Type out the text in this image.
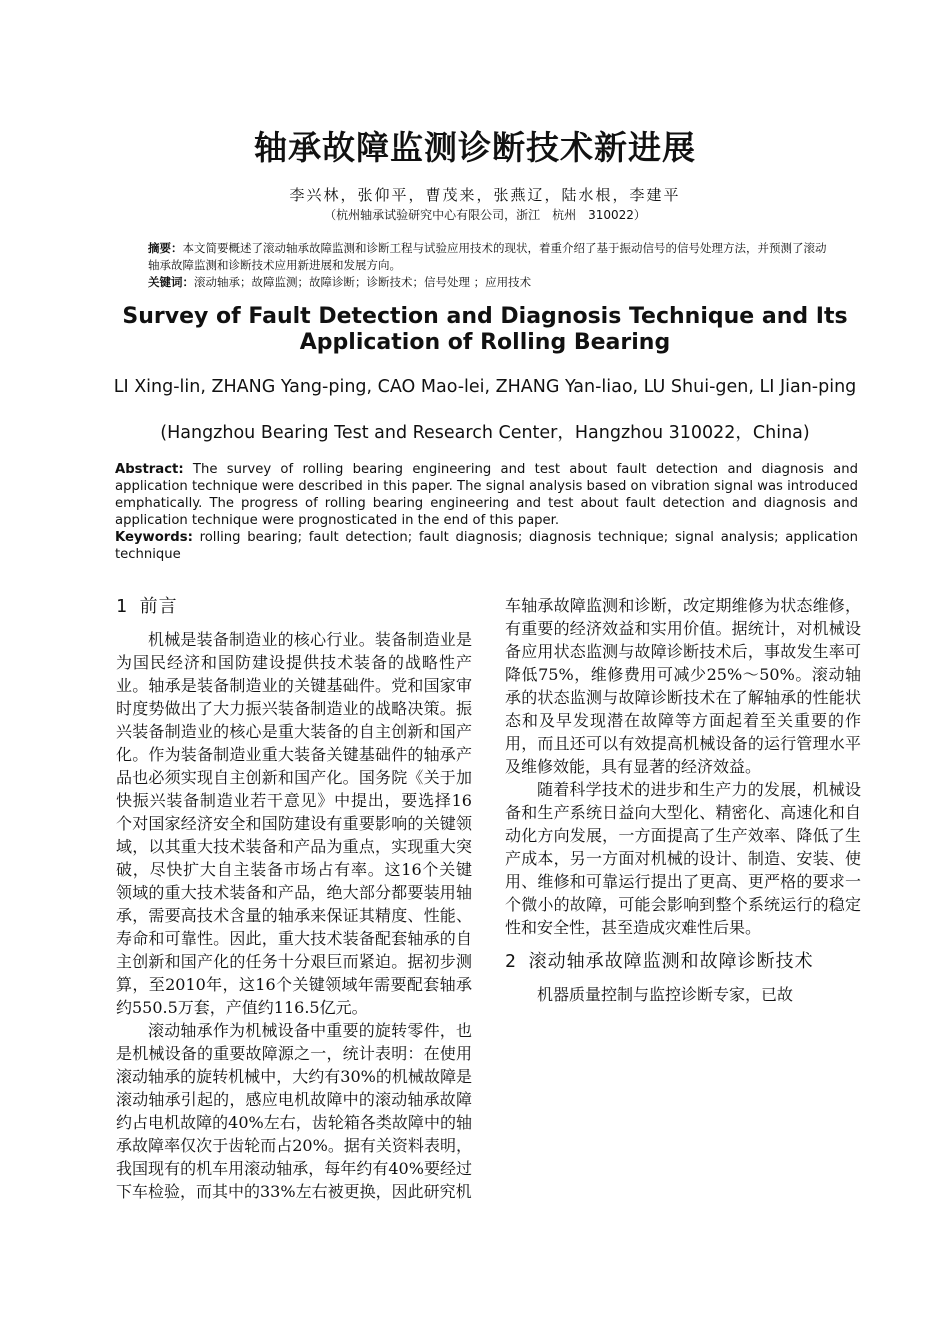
轴承故障监测诊断技术新进展
李兴林，张仰平，曹茂来，张燕辽，陆水根，李建平
（杭州轴承试验研究中心有限公司，浙江　杭州　310022）
摘要：本文简要概述了滚动轴承故障监测和诊断工程与试验应用技术的现状，着重介绍了基于振动信号的信号处理方法，并预测了滚动轴承故障监测和诊断技术应用新进展和发展方向。
关键词：滚动轴承；故障监测；故障诊断；诊断技术；信号处理 ；应用技术
Survey of Fault Detection and Diagnosis Technique and Its Application of Rolling Bearing
LI Xing-lin, ZHANG Yang-ping, CAO Mao-lei, ZHANG Yan-liao, LU Shui-gen, LI Jian-ping
(Hangzhou Bearing Test and Research Center，Hangzhou 310022，China)
Abstract: The survey of rolling bearing engineering and test about fault detection and diagnosis and application technique were described in this paper. The signal analysis based on vibration signal was introduced emphatically. The progress of rolling bearing engineering and test about fault detection and diagnosis and application technique were prognosticated in the end of this paper.
Keywords: rolling bearing; fault detection; fault diagnosis; diagnosis technique; signal analysis; application technique
1 前言

机械是装备制造业的核心行业。装备制造业是为国民经济和国防建设提供技术装备的战略性产业。轴承是装备制造业的关键基础件。党和国家审时度势做出了大力振兴装备制造业的战略决策。振兴装备制造业的核心是重大装备的自主创新和国产化。作为装备制造业重大装备关键基础件的轴承产品也必须实现自主创新和国产化。国务院《关于加快振兴装备制造业若干意见》中提出，要选择16个对国家经济安全和国防建设有重要影响的关键领域，以其重大技术装备和产品为重点，实现重大突破，尽快扩大自主装备市场占有率。这16个关键领域的重大技术装备和产品，绝大部分都要装用轴承，需要高技术含量的轴承来保证其精度、性能、寿命和可靠性。因此，重大技术装备配套轴承的自主创新和国产化的任务十分艰巨而紧迫。据初步测算，至2010年，这16个关键领域年需要配套轴承约550.5万套，产值约116.5亿元。

滚动轴承作为机械设备中重要的旋转零件，也是机械设备的重要故障源之一，统计表明：在使用滚动轴承的旋转机械中，大约有30%的机械故障是滚动轴承引起的，感应电机故障中的滚动轴承故障约占电机故障的40%左右，齿轮箱各类故障中的轴承故障率仅次于齿轮而占20%。据有关资料表明，我国现有的机车用滚动轴承，每年约有40%要经过下车检验，而其中的33%左右被更换，因此研究机

车轴承故障监测和诊断，改定期维修为状态维修，有重要的经济效益和实用价值。据统计，对机械设备应用状态监测与故障诊断技术后，事故发生率可降低75%，维修费用可减少25%～50%。滚动轴承的状态监测与故障诊断技术在了解轴承的性能状态和及早发现潜在故障等方面起着至关重要的作用，而且还可以有效提高机械设备的运行管理水平及维修效能，具有显著的经济效益。

随着科学技术的进步和生产力的发展，机械设备和生产系统日益向大型化、精密化、高速化和自动化方向发展，一方面提高了生产效率、降低了生产成本，另一方面对机械的设计、制造、安装、使用、维修和可靠运行提出了更高、更严格的要求一个微小的故障，可能会影响到整个系统运行的稳定性和安全性，甚至造成灾难性后果。

2 滚动轴承故障监测和故障诊断技术

机器质量控制与监控诊断专家，已故
